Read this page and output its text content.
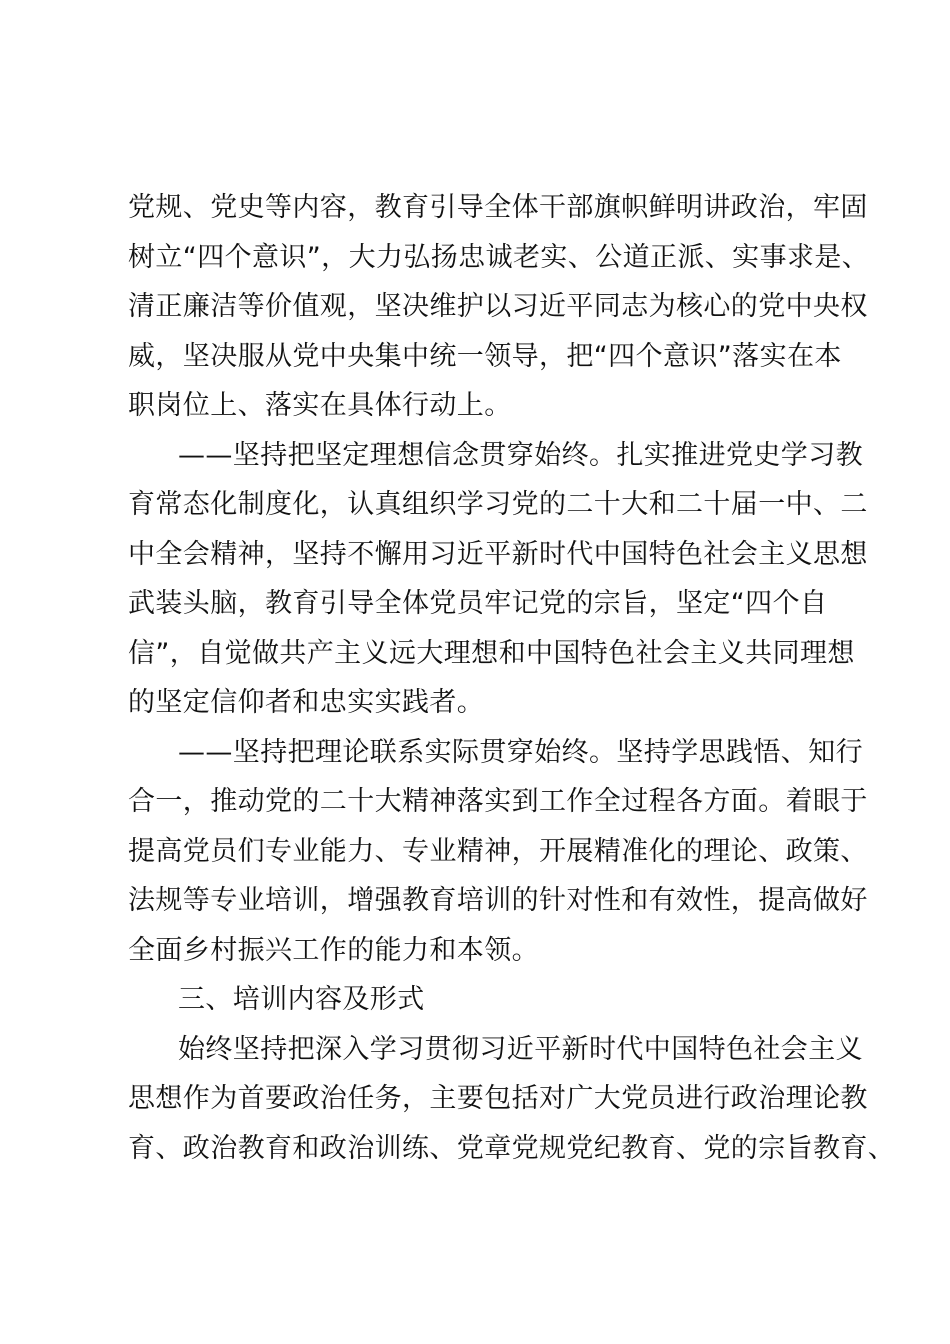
党规、党史等内容，教育引导全体干部旗帜鲜明讲政治，牢固
树立“四个意识”，大力弘扬忠诚老实、公道正派、实事求是、
清正廉洁等价值观，坚决维护以习近平同志为核心的党中央权
威，坚决服从党中央集中统一领导，把“四个意识”落实在本
职岗位上、落实在具体行动上。
——坚持把坚定理想信念贯穿始终。扎实推进党史学习教
育常态化制度化，认真组织学习党的二十大和二十届一中、二
中全会精神，坚持不懈用习近平新时代中国特色社会主义思想
武装头脑，教育引导全体党员牢记党的宗旨，坚定“四个自
信”，自觉做共产主义远大理想和中国特色社会主义共同理想
的坚定信仰者和忠实实践者。
——坚持把理论联系实际贯穿始终。坚持学思践悟、知行
合一，推动党的二十大精神落实到工作全过程各方面。着眼于
提高党员们专业能力、专业精神，开展精准化的理论、政策、
法规等专业培训，增强教育培训的针对性和有效性，提高做好
全面乡村振兴工作的能力和本领。
三、培训内容及形式
始终坚持把深入学习贯彻习近平新时代中国特色社会主义
思想作为首要政治任务，主要包括对广大党员进行政治理论教
育、政治教育和政治训练、党章党规党纪教育、党的宗旨教育、
